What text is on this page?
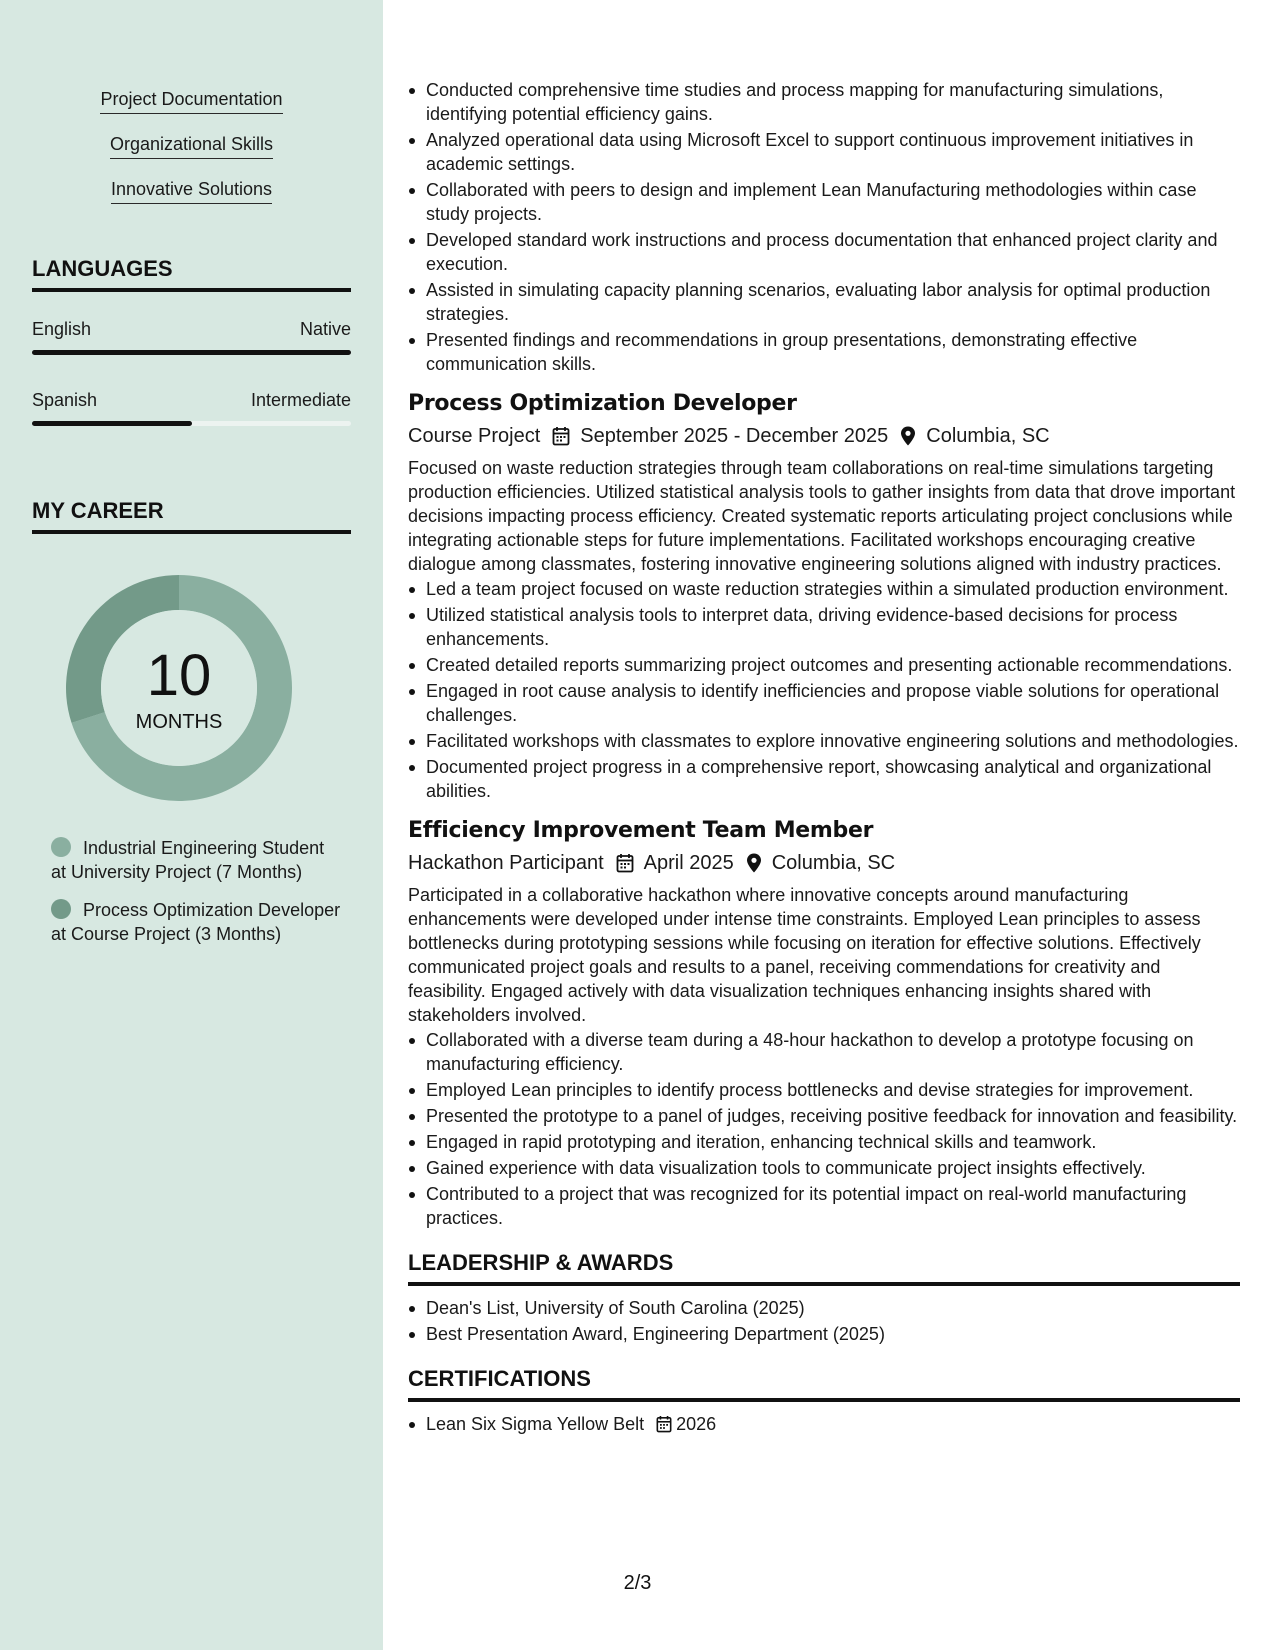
Project Documentation
Organizational Skills
Innovative Solutions
LANGUAGES
English	Native
Spanish	Intermediate
MY CAREER
10
MONTHS
Industrial Engineering Student at University Project (7 Months)
Process Optimization Developer at Course Project (3 Months)
Conducted comprehensive time studies and process mapping for manufacturing simulations, identifying potential efficiency gains.
Analyzed operational data using Microsoft Excel to support continuous improvement initiatives in academic settings.
Collaborated with peers to design and implement Lean Manufacturing methodologies within case study projects.
Developed standard work instructions and process documentation that enhanced project clarity and execution.
Assisted in simulating capacity planning scenarios, evaluating labor analysis for optimal production strategies.
Presented findings and recommendations in group presentations, demonstrating effective communication skills.
Process Optimization Developer
Course Project September 2025 - December 2025 Columbia, SC

Focused on waste reduction strategies through team collaborations on real-time simulations targeting production efficiencies. Utilized statistical analysis tools to gather insights from data that drove important decisions impacting process efficiency. Created systematic reports articulating project conclusions while integrating actionable steps for future implementations. Facilitated workshops encouraging creative dialogue among classmates, fostering innovative engineering solutions aligned with industry practices.

Led a team project focused on waste reduction strategies within a simulated production environment.
Utilized statistical analysis tools to interpret data, driving evidence-based decisions for process enhancements.
Created detailed reports summarizing project outcomes and presenting actionable recommendations.
Engaged in root cause analysis to identify inefficiencies and propose viable solutions for operational challenges.
Facilitated workshops with classmates to explore innovative engineering solutions and methodologies.
Documented project progress in a comprehensive report, showcasing analytical and organizational abilities.
Efficiency Improvement Team Member
Hackathon Participant April 2025 Columbia, SC

Participated in a collaborative hackathon where innovative concepts around manufacturing enhancements were developed under intense time constraints. Employed Lean principles to assess bottlenecks during prototyping sessions while focusing on iteration for effective solutions. Effectively communicated project goals and results to a panel, receiving commendations for creativity and feasibility. Engaged actively with data visualization techniques enhancing insights shared with stakeholders involved.

Collaborated with a diverse team during a 48-hour hackathon to develop a prototype focusing on manufacturing efficiency.
Employed Lean principles to identify process bottlenecks and devise strategies for improvement.
Presented the prototype to a panel of judges, receiving positive feedback for innovation and feasibility.
Engaged in rapid prototyping and iteration, enhancing technical skills and teamwork.
Gained experience with data visualization tools to communicate project insights effectively.
Contributed to a project that was recognized for its potential impact on real-world manufacturing practices.
LEADERSHIP & AWARDS
Dean's List, University of South Carolina (2025)
Best Presentation Award, Engineering Department (2025)
CERTIFICATIONS
Lean Six Sigma Yellow Belt 2026
2/3
